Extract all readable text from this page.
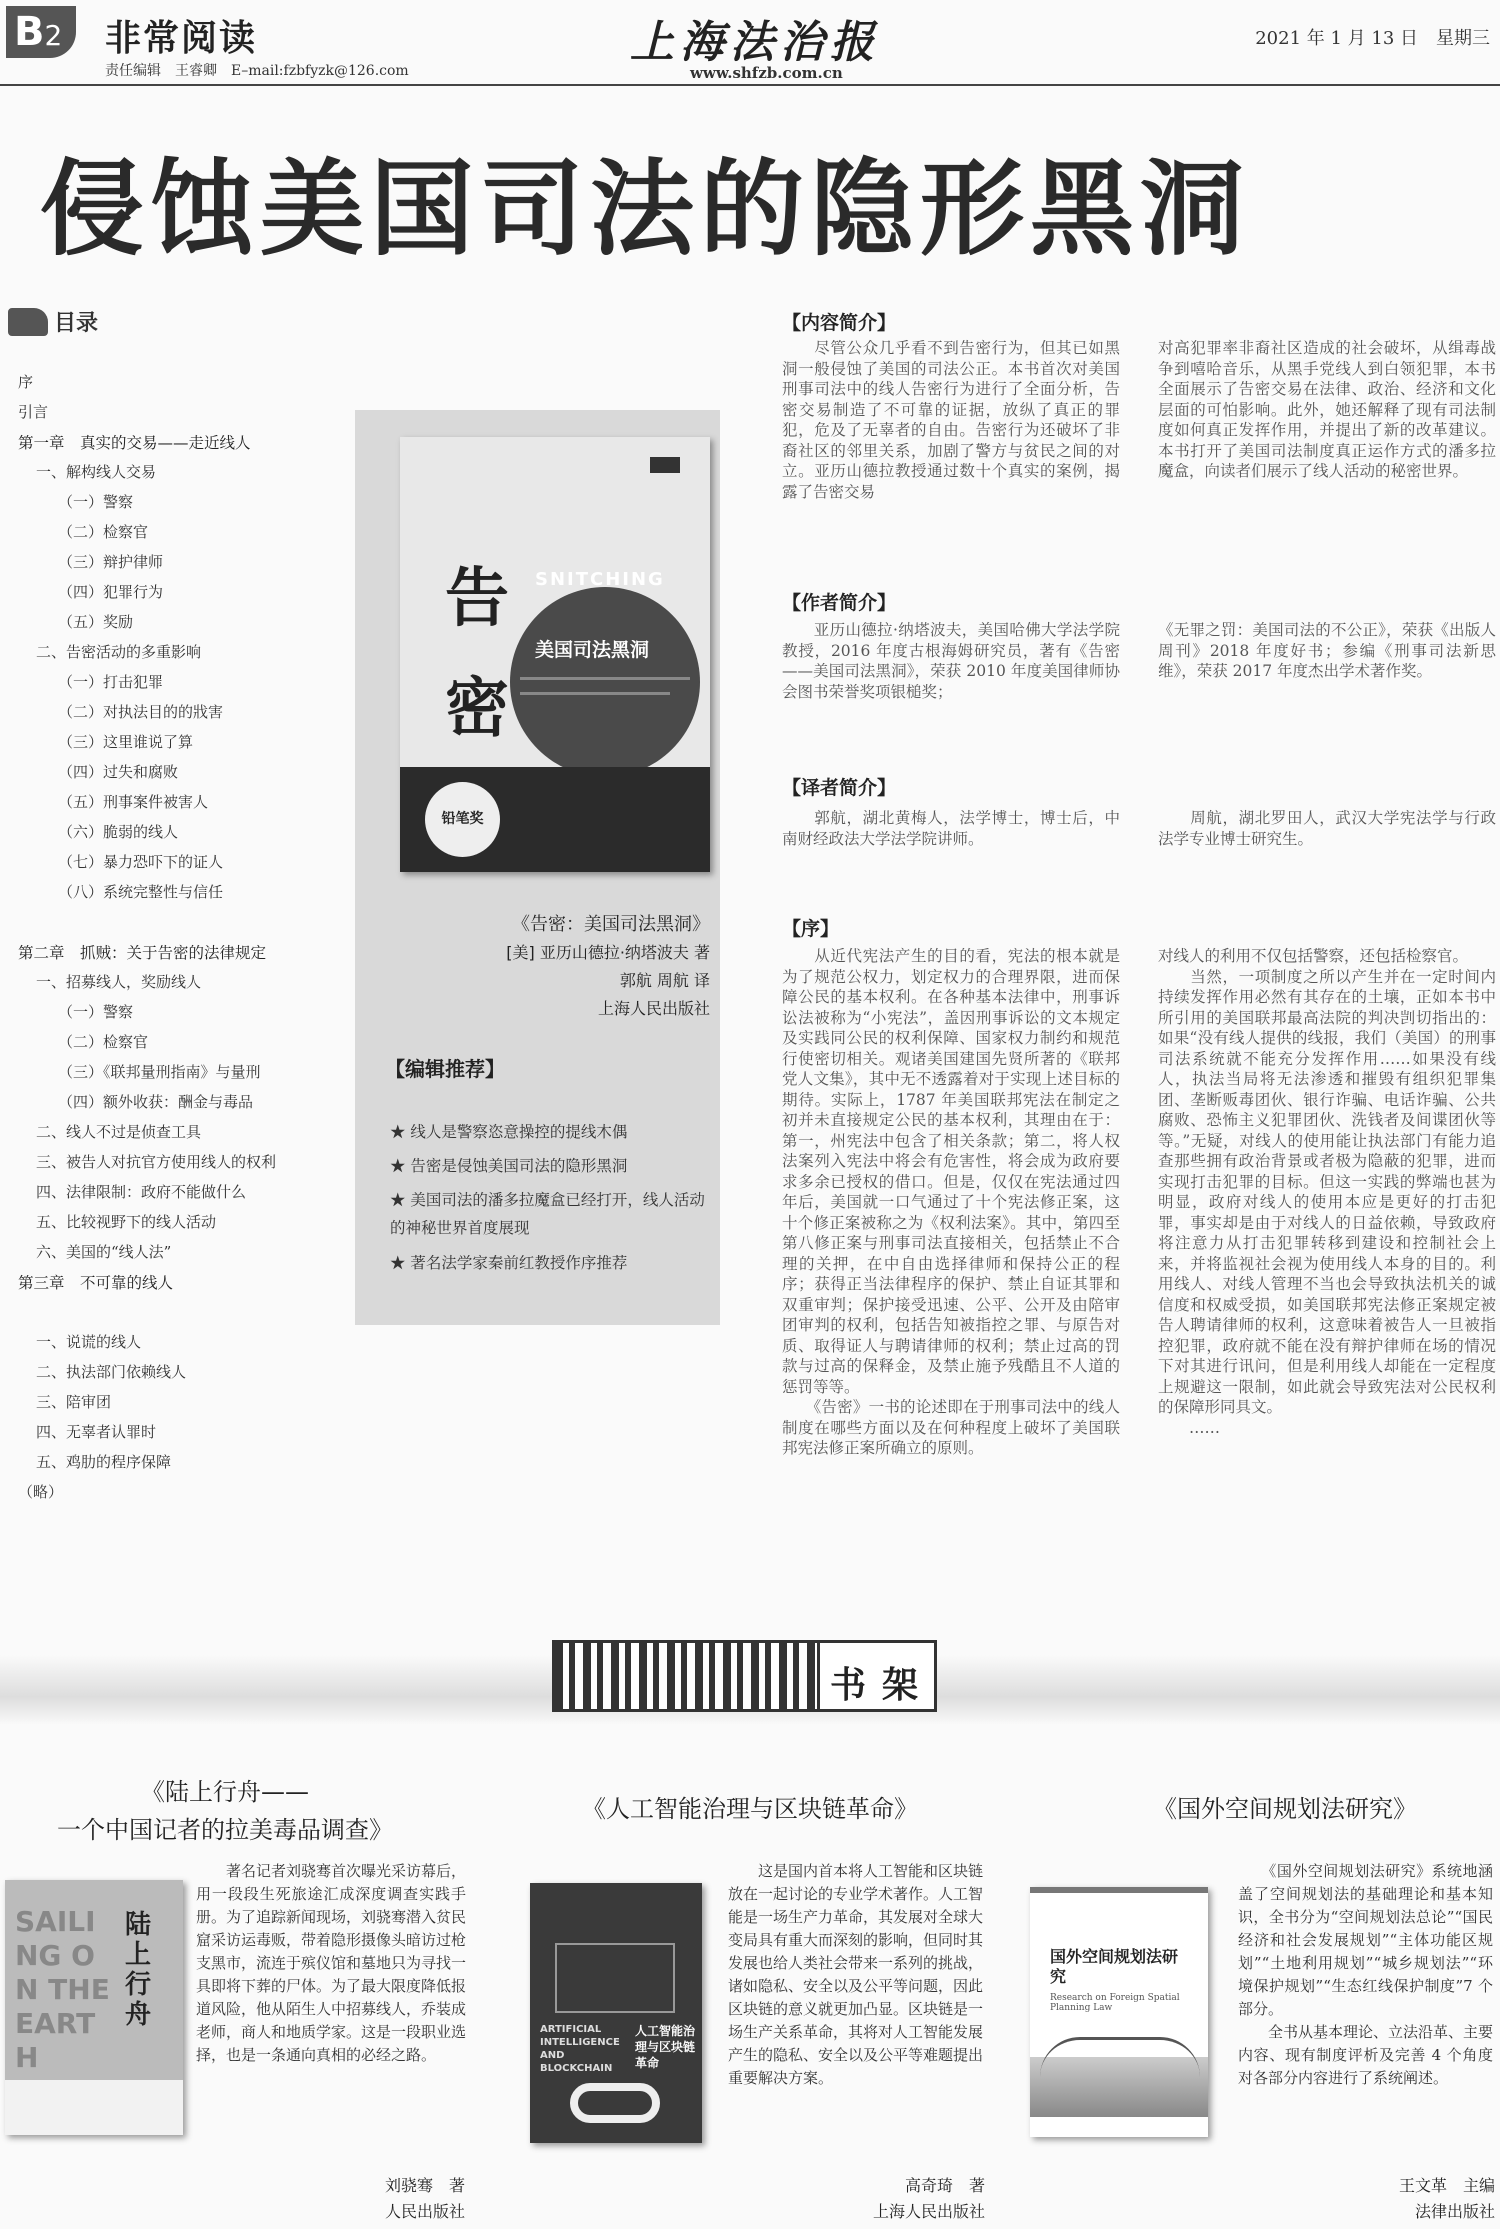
B2	非常阅读
责任编辑　王睿卿　E–mail:fzbfyzk@126.com
上海法治报
www.shfzb.com.cn
2021 年 1 月 13 日　星期三
侵蚀美国司法的隐形黑洞
目录
序
引言
第一章　真实的交易——走近线人
一、解构线人交易
（一）警察
（二）检察官
（三）辩护律师
（四）犯罪行为
（五）奖励
二、告密活动的多重影响
（一）打击犯罪
（二）对执法目的的戕害
（三）这里谁说了算
（四）过失和腐败
（五）刑事案件被害人
（六）脆弱的线人
（七）暴力恐吓下的证人
（八）系统完整性与信任
第二章　抓贼：关于告密的法律规定
一、招募线人，奖励线人
（一）警察
（二）检察官
（三）《联邦量刑指南》与量刑
（四）额外收获：酬金与毒品
二、线人不过是侦查工具
三、被告人对抗官方使用线人的权利
四、法律限制：政府不能做什么
五、比较视野下的线人活动
六、美国的“线人法”
第三章　不可靠的线人
一、说谎的线人
二、执法部门依赖线人
三、陪审团
四、无辜者认罪时
五、鸡肋的程序保障
（略）
告
密
SNITCHING
美国司法黑洞
铅笔奖
《告密：美国司法黑洞》
[美] 亚历山德拉·纳塔波夫 著
郭航 周航 译
上海人民出版社
【编辑推荐】
★ 线人是警察恣意操控的提线木偶
★ 告密是侵蚀美国司法的隐形黑洞
★ 美国司法的潘多拉魔盒已经打开，线人活动的神秘世界首度展现
★ 著名法学家秦前红教授作序推荐
【内容简介】
　　尽管公众几乎看不到告密行为，但其已如黑洞一般侵蚀了美国的司法公正。本书首次对美国刑事司法中的线人告密行为进行了全面分析，告密交易制造了不可靠的证据，放纵了真正的罪犯，危及了无辜者的自由。告密行为还破坏了非裔社区的邻里关系，加剧了警方与贫民之间的对立。亚历山德拉教授通过数十个真实的案例，揭露了告密交易
对高犯罪率非裔社区造成的社会破坏，从缉毒战争到嘻哈音乐，从黑手党线人到白领犯罪，本书全面展示了告密交易在法律、政治、经济和文化层面的可怕影响。此外，她还解释了现有司法制度如何真正发挥作用，并提出了新的改革建议。本书打开了美国司法制度真正运作方式的潘多拉魔盒，向读者们展示了线人活动的秘密世界。
【作者简介】
　　亚历山德拉·纳塔波夫，美国哈佛大学法学院教授，2016 年度古根海姆研究员，著有《告密——美国司法黑洞》，荣获 2010 年度美国律师协会图书荣誉奖项银槌奖；
《无罪之罚：美国司法的不公正》，荣获《出版人周刊》2018 年度好书；参编《刑事司法新思维》，荣获 2017 年度杰出学术著作奖。
【译者简介】
　　郭航，湖北黄梅人，法学博士，博士后，中南财经政法大学法学院讲师。
　　周航，湖北罗田人，武汉大学宪法学与行政法学专业博士研究生。
【序】
　　从近代宪法产生的目的看，宪法的根本就是为了规范公权力，划定权力的合理界限，进而保障公民的基本权利。在各种基本法律中，刑事诉讼法被称为“小宪法”，盖因刑事诉讼的文本规定及实践同公民的权利保障、国家权力制约和规范行使密切相关。观诸美国建国先贤所著的《联邦党人文集》，其中无不透露着对于实现上述目标的期待。实际上，1787 年美国联邦宪法在制定之初并未直接规定公民的基本权利，其理由在于：第一，州宪法中包含了相关条款；第二，将人权法案列入宪法中将会有危害性，将会成为政府要求多余已授权的借口。但是，仅仅在宪法通过四年后，美国就一口气通过了十个宪法修正案，这十个修正案被称之为《权利法案》。其中，第四至第八修正案与刑事司法直接相关，包括禁止不合理的关押，在中自由选择律师和保持公正的程序；获得正当法律程序的保护、禁止自证其罪和双重审判；保护接受迅速、公平、公开及由陪审团审判的权利，包括告知被指控之罪、与原告对质、取得证人与聘请律师的权利；禁止过高的罚款与过高的保释金，及禁止施予残酷且不人道的惩罚等等。
　　《告密》一书的论述即在于刑事司法中的线人制度在哪些方面以及在何种程度上破坏了美国联邦宪法修正案所确立的原则。
对线人的利用不仅包括警察，还包括检察官。
　　当然，一项制度之所以产生并在一定时间内持续发挥作用必然有其存在的土壤，正如本书中所引用的美国联邦最高法院的判决剀切指出的：如果“没有线人提供的线报，我们（美国）的刑事司法系统就不能充分发挥作用……如果没有线人，执法当局将无法渗透和摧毁有组织犯罪集团、垄断贩毒团伙、银行诈骗、电话诈骗、公共腐败、恐怖主义犯罪团伙、洗钱者及间谍团伙等等。”无疑，对线人的使用能让执法部门有能力追查那些拥有政治背景或者极为隐蔽的犯罪，进而实现打击犯罪的目标。但这一实践的弊端也甚为明显，政府对线人的使用本应是更好的打击犯罪，事实却是由于对线人的日益依赖，导致政府将注意力从打击犯罪转移到建设和控制社会上来，并将监视社会视为使用线人本身的目的。利用线人、对线人管理不当也会导致执法机关的诚信度和权威受损，如美国联邦宪法修正案规定被告人聘请律师的权利，这意味着被告人一旦被指控犯罪，政府就不能在没有辩护律师在场的情况下对其进行讯问，但是利用线人却能在一定程度上规避这一限制，如此就会导致宪法对公民权利的保障形同具文。
　　……
书架
《陆上行舟——
一个中国记者的拉美毒品调查》
SAILING ON THE EARTH
陆上行舟
　　著名记者刘骁骞首次曝光采访幕后，用一段段生死旅途汇成深度调查实践手册。为了追踪新闻现场，刘骁骞潜入贫民窟采访运毒贩，带着隐形摄像头暗访过枪支黑市，流连于殡仪馆和墓地只为寻找一具即将下葬的尸体。为了最大限度降低报道风险，他从陌生人中招募线人，乔装成老师，商人和地质学家。这是一段职业选择，也是一条通向真相的必经之路。
刘骁骞　著
人民出版社
《人工智能治理与区块链革命》
ARTIFICIAL INTELLIGENCE AND BLOCKCHAIN
人工智能治理与区块链革命
　　这是国内首本将人工智能和区块链放在一起讨论的专业学术著作。人工智能是一场生产力革命，其发展对全球大变局具有重大而深刻的影响，但同时其发展也给人类社会带来一系列的挑战，诸如隐私、安全以及公平等问题，因此区块链的意义就更加凸显。区块链是一场生产关系革命，其将对人工智能发展产生的隐私、安全以及公平等难题提出重要解决方案。
高奇琦　著
上海人民出版社
《国外空间规划法研究》
国外空间规划法研究
Research on Foreign Spatial Planning Law
　　《国外空间规划法研究》系统地涵盖了空间规划法的基础理论和基本知识，全书分为“空间规划法总论”“国民经济和社会发展规划”“主体功能区规划”“土地利用规划”“城乡规划法”“环境保护规划”“生态红线保护制度”7 个部分。
　　全书从基本理论、立法沿革、主要内容、现有制度评析及完善 4 个角度对各部分内容进行了系统阐述。
王文革　主编
法律出版社
